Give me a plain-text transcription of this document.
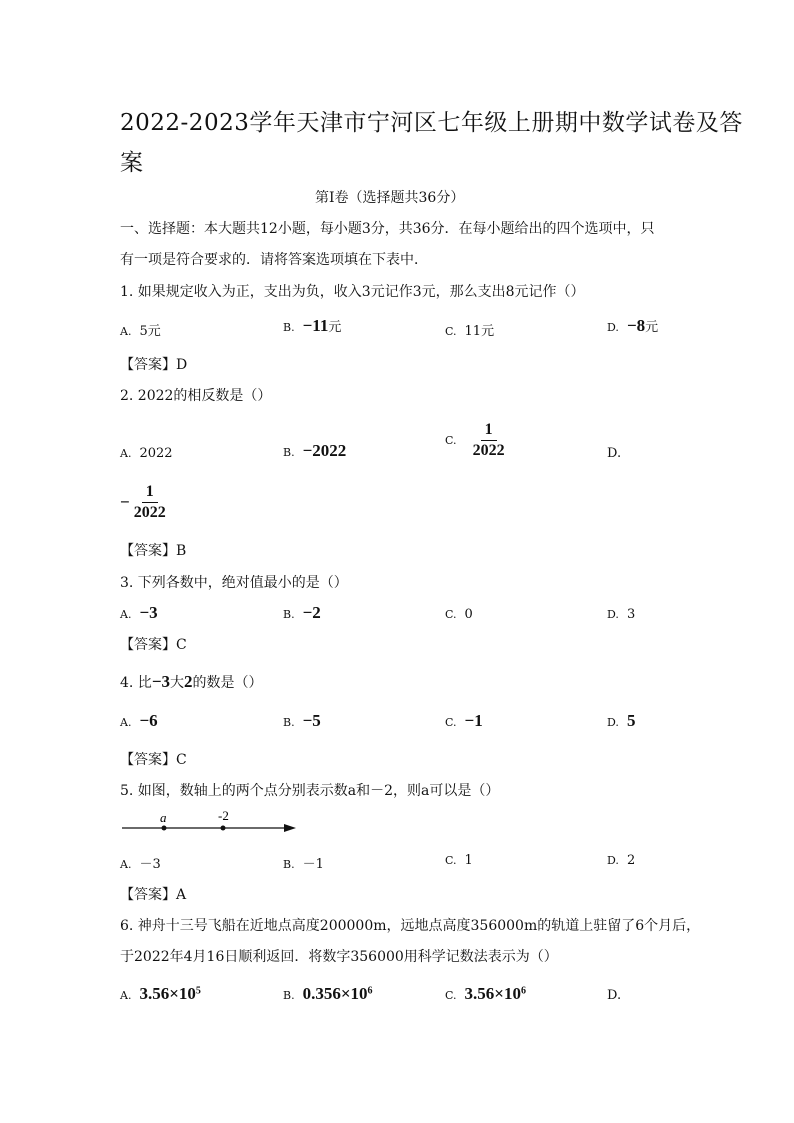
2022-2023学年天津市宁河区七年级上册期中数学试卷及答
案
第Ⅰ卷（选择题共36分）
一、选择题：本大题共12小题，每小题3分，共36分．在每小题给出的四个选项中，只
有一项是符合要求的．请将答案选项填在下表中．
1. 如果规定收入为正，支出为负，收入3元记作3元，那么支出8元记作（）
A. 5元	B. −11元	C. 11元	D. −8元
【答案】D
2. 2022的相反数是（）
A. 2022	B. −2022
C. $\frac{1}{2022}$	D.
− $\frac{1}{2022}$
【答案】B
3. 下列各数中，绝对值最小的是（）
A. −3	B. −2	C. 0	D. 3
【答案】C
4. 比−3大2的数是（）
A. −6	B. −5	C. −1	D. 5
【答案】C
5. 如图，数轴上的两个点分别表示数a和－2，则a可以是（）
a	-2
A. －3	B. －1	C. 1	D. 2
【答案】A
6. 神舟十三号飞船在近地点高度200000m，远地点高度356000m的轨道上驻留了6个月后，
于2022年4月16日顺利返回．将数字356000用科学记数法表示为（）
A. $3.56\times 10^5$	B. $0.356\times 10^6$	C. $3.56\times 10^6$	D.
